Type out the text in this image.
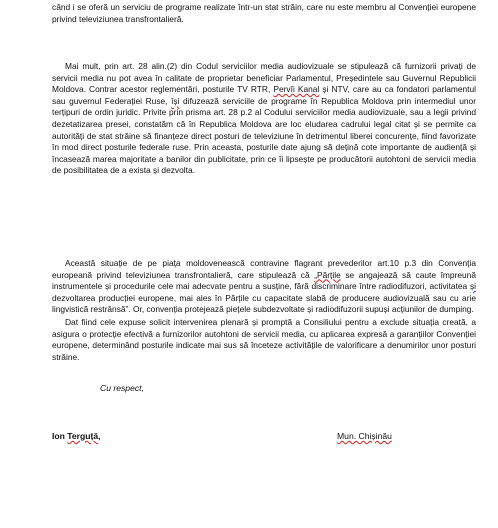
când i se oferă un serviciu de programe realizate într-un stat străin, care nu este membru al Convenției europene privind televiziunea transfrontalieră.

Mai mult, prin art. 28 alin.(2) din Codul serviciilor media audiovizuale se stipulează că furnizorii privați de servicii media nu pot avea în calitate de proprietar beneficiar Parlamentul, Președintele sau Guvernul Republicii Moldova. Contrar acestor reglementări, posturile TV RTR, Pervîi Kanal și NTV, care au ca fondatori parlamentul sau guvernul Federației Ruse, își difuzează serviciile de programe în Republica Moldova prin intermediul unor terțipuri de ordin juridic. Privite prin prisma art. 28 p.2 al Codului serviciilor media audiovizuale, sau a legii privind dezetatizarea presei, constatăm că în Republica Moldova are loc eludarea cadrului legal citat și se permite ca autorități de stat străine să finanțeze direct posturi de televiziune în detrimentul liberei concurențe, fiind favorizate în mod direct posturile federale ruse. Prin aceasta, posturile date ajung să dețină cote importante de audiență și încasează marea majoritate a banilor din publicitate, prin ce îi lipsește pe producătorii autohtoni de servicii media de posibilitatea de a exista și dezvolta.

Această situație de pe piața moldovenească contravine flagrant prevederilor art.10 p.3 din Convenția europeană privind televiziunea transfrontalieră, care stipulează că „Părțile se angajează să caute împreună instrumentele și procedurile cele mai adecvate pentru a susține, fără discriminare între radiodifuzori, activitatea și dezvoltarea producției europene, mai ales în Părțile cu capacitate slabă de producere audiovizuală sau cu arie lingvistică restrânsă”. Or, convenția protejează piețele subdezvoltate și radiodifuzorii supuși acțiunilor de dumping.

Dat fiind cele expuse solicit intervenirea plenară și promptă a Consiliului pentru a exclude situația creată, a asigura o protecție efectivă a furnizorilor autohtoni de servicii media, cu aplicarea expresă a garanțiilor Convenției europene, determinând posturile indicate mai sus să înceteze activitățile de valorificare a denumirilor unor posturi străine.

Cu respect,

Ion Terguță,	Mun. Chișinău
